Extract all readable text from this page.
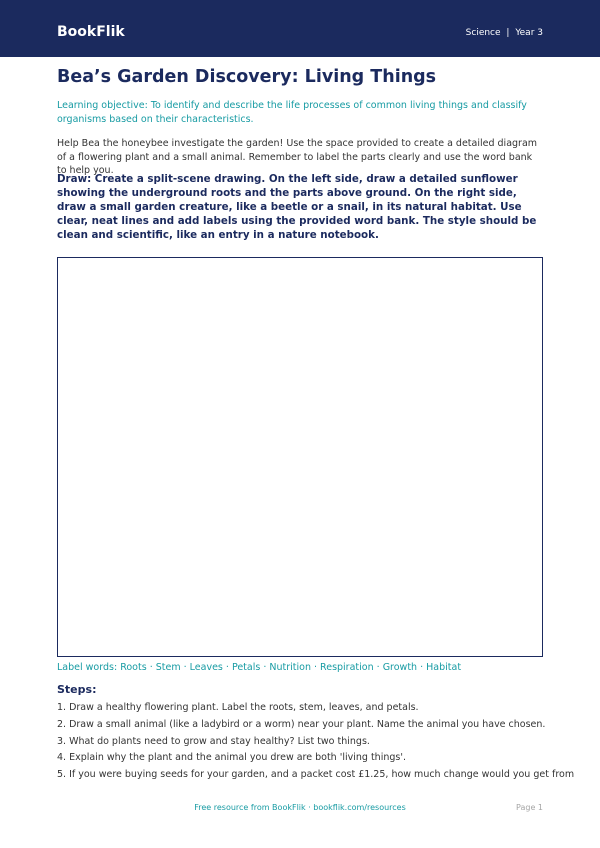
BookFlik	Science | Year 3
Bea’s Garden Discovery: Living Things

Learning objective: To identify and describe the life processes of common living things and classify organisms based on their characteristics.

Help Bea the honeybee investigate the garden! Use the space provided to create a detailed diagram of a flowering plant and a small animal. Remember to label the parts clearly and use the word bank to help you.

Draw: Create a split-scene drawing. On the left side, draw a detailed sunflower showing the underground roots and the parts above ground. On the right side, draw a small garden creature, like a beetle or a snail, in its natural habitat. Use clear, neat lines and add labels using the provided word bank. The style should be clean and scientific, like an entry in a nature notebook.

Label words: Roots · Stem · Leaves · Petals · Nutrition · Respiration · Growth · Habitat
Steps:
1. Draw a healthy flowering plant. Label the roots, stem, leaves, and petals.
2. Draw a small animal (like a ladybird or a worm) near your plant. Name the animal you have chosen.
3. What do plants need to grow and stay healthy? List two things.
4. Explain why the plant and the animal you drew are both 'living things'.
5. If you were buying seeds for your garden, and a packet cost £1.25, how much change would you get from
Free resource from BookFlik · bookflik.com/resources	Page 1
